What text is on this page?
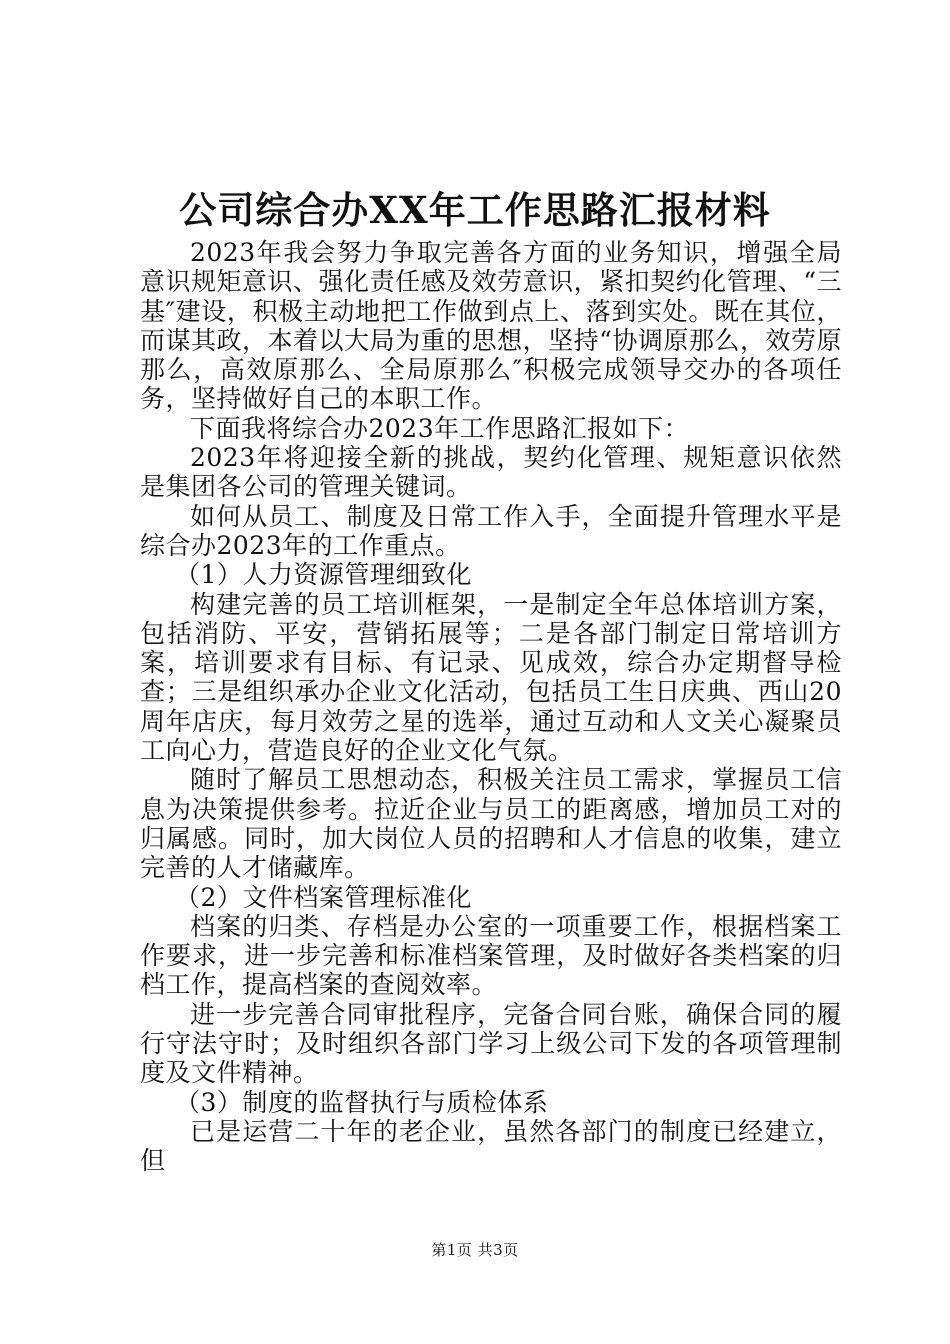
公司综合办XX年工作思路汇报材料

2023年我会努力争取完善各方面的业务知识，增强全局意识规矩意识、强化责任感及效劳意识，紧扣契约化管理、“三基″建设，积极主动地把工作做到点上、落到实处。既在其位，而谋其政，本着以大局为重的思想，坚持“协调原那么，效劳原那么，高效原那么、全局原那么″积极完成领导交办的各项任务，坚持做好自己的本职工作。

下面我将综合办2023年工作思路汇报如下：

2023年将迎接全新的挑战，契约化管理、规矩意识依然是集团各公司的管理关键词。

如何从员工、制度及日常工作入手，全面提升管理水平是综合办2023年的工作重点。

（1）人力资源管理细致化

构建完善的员工培训框架，一是制定全年总体培训方案，包括消防、平安，营销拓展等；二是各部门制定日常培训方案，培训要求有目标、有记录、见成效，综合办定期督导检查；三是组织承办企业文化活动，包括员工生日庆典、西山20周年店庆，每月效劳之星的选举，通过互动和人文关心凝聚员工向心力，营造良好的企业文化气氛。

随时了解员工思想动态，积极关注员工需求，掌握员工信息为决策提供参考。拉近企业与员工的距离感，增加员工对的归属感。同时，加大岗位人员的招聘和人才信息的收集，建立完善的人才储藏库。

（2）文件档案管理标准化

档案的归类、存档是办公室的一项重要工作，根据档案工作要求，进一步完善和标准档案管理，及时做好各类档案的归档工作，提高档案的查阅效率。

进一步完善合同审批程序，完备合同台账，确保合同的履行守法守时；及时组织各部门学习上级公司下发的各项管理制度及文件精神。

（3）制度的监督执行与质检体系

已是运营二十年的老企业，虽然各部门的制度已经建立，但

第1页 共3页
